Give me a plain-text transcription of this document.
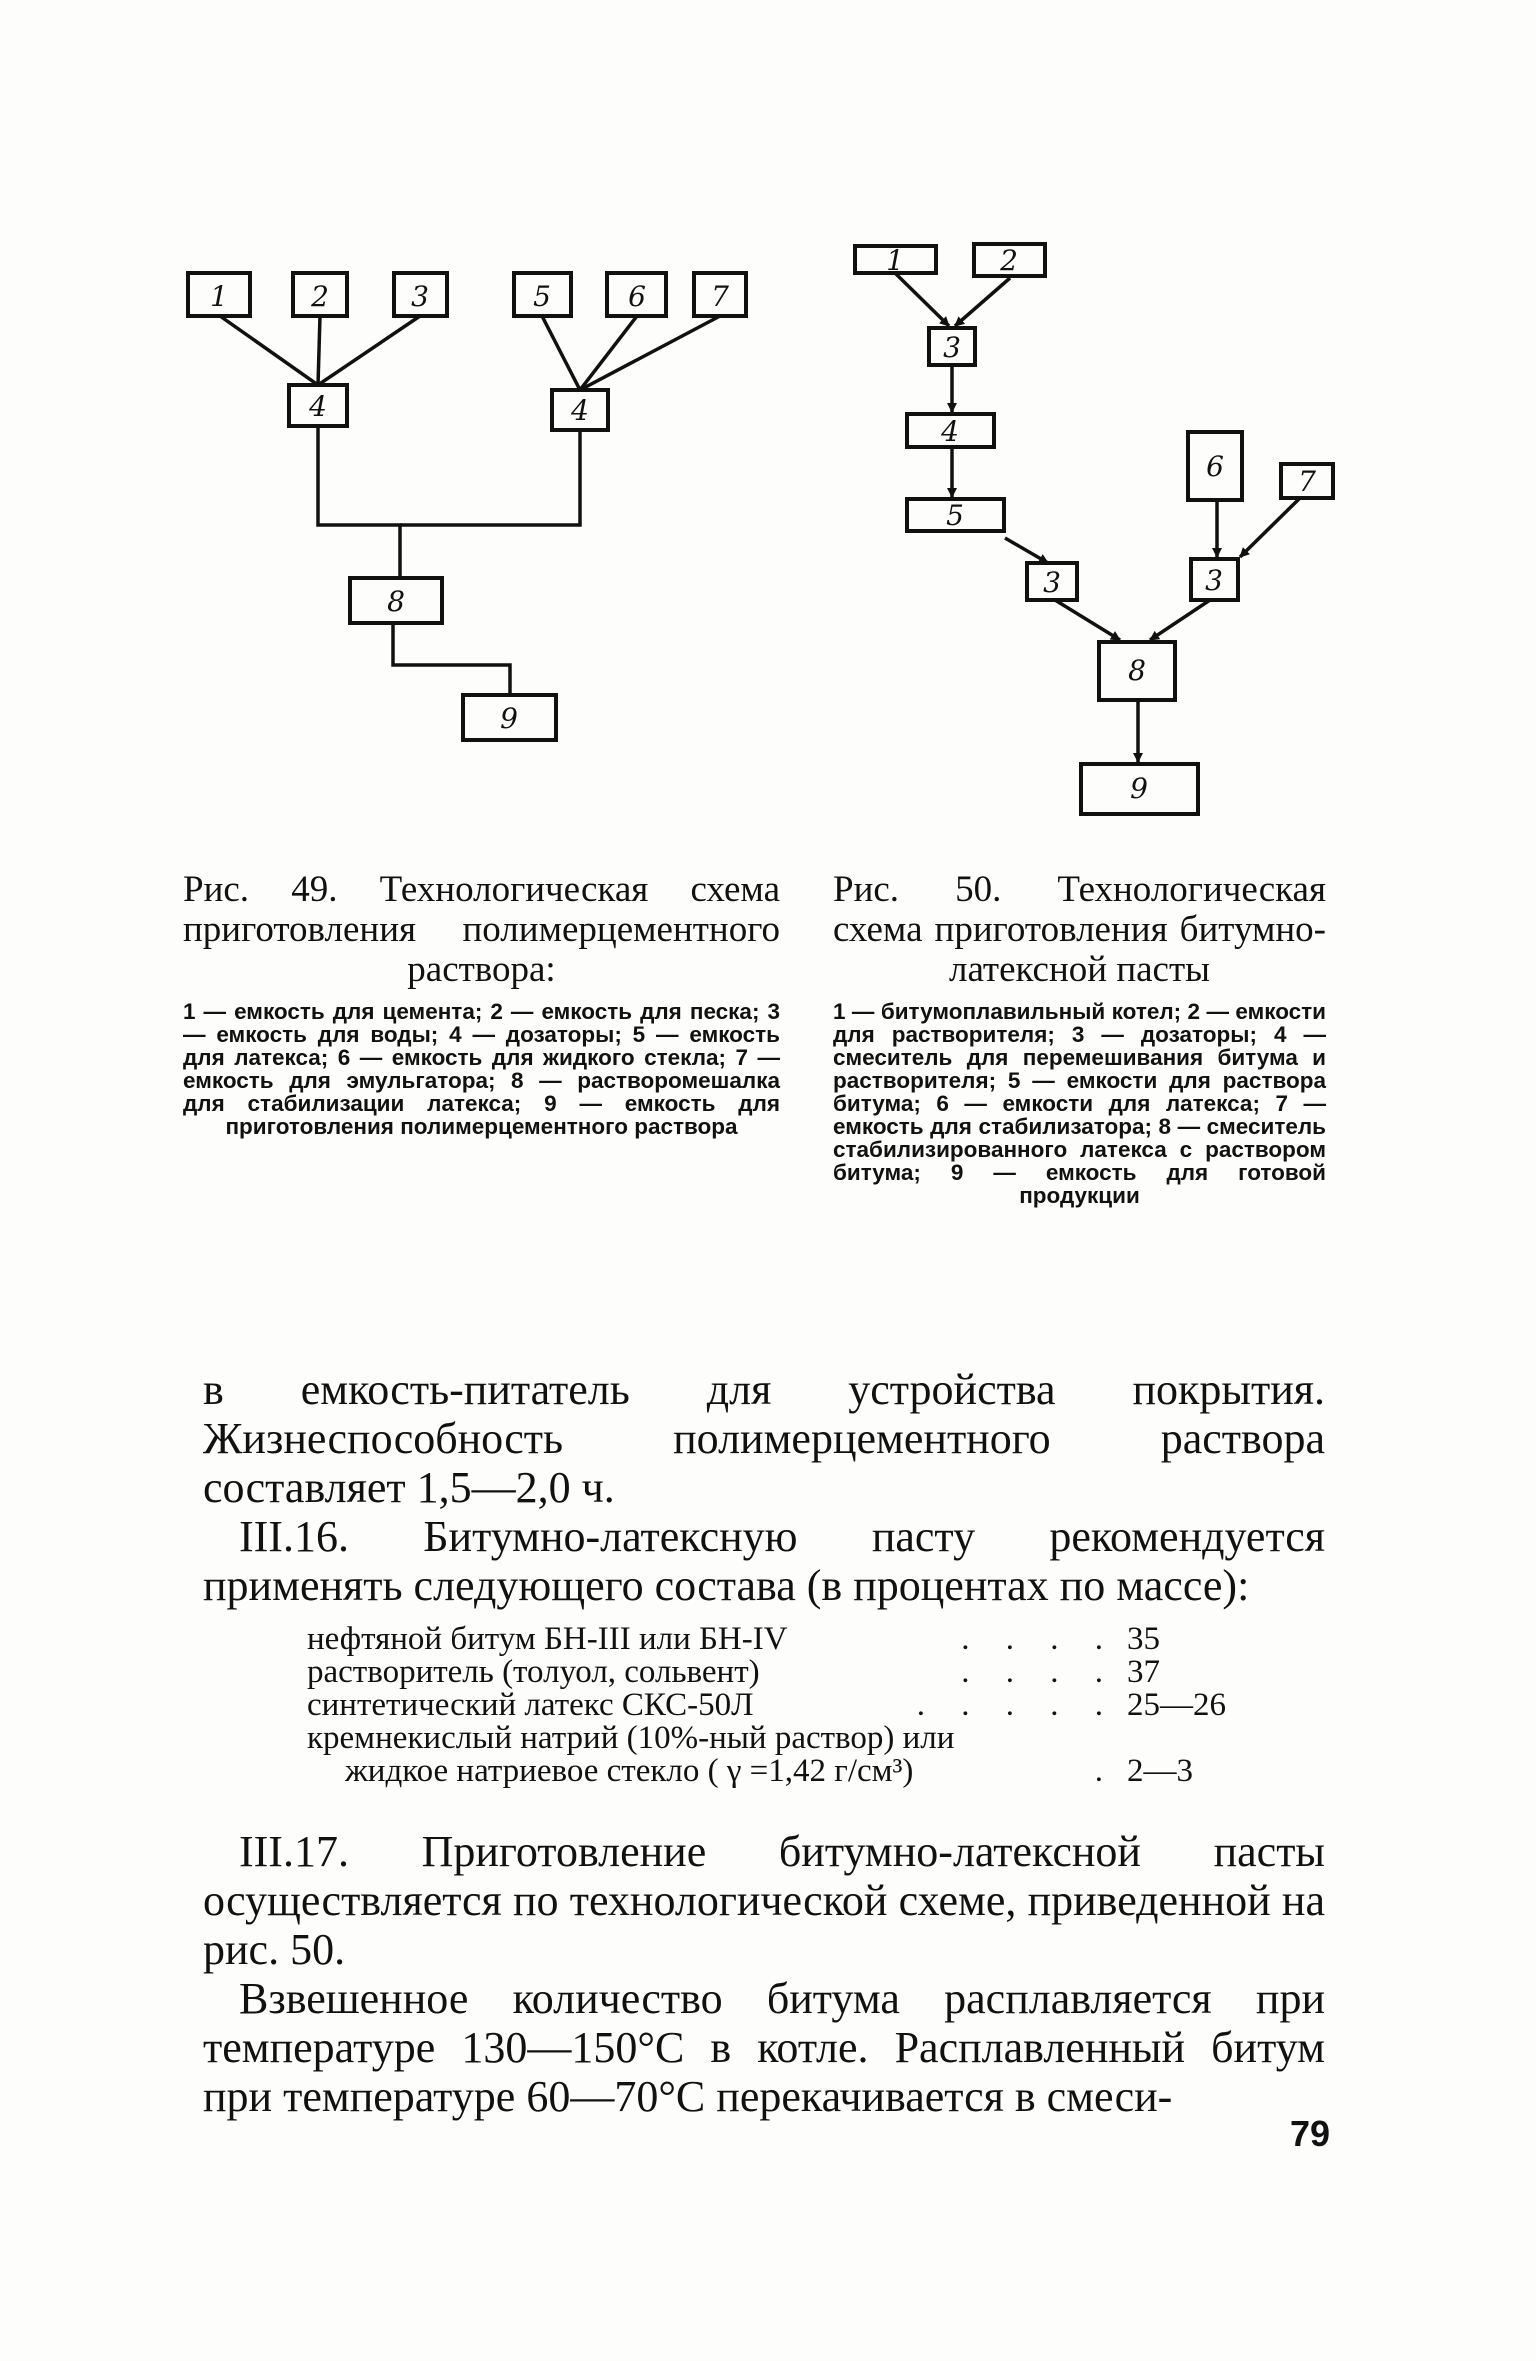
1	2	3	5	6 7
4	4
8
9
1	2
3
4
5
6	7
3	3
8
9
Рис. 49. Технологическая схема приготовления полимерцементного раствора:
1 — емкость для цемента; 2 — емкость для песка; 3 — емкость для воды; 4 — дозаторы; 5 — емкость для латекса; 6 — емкость для жидкого стекла; 7 — емкость для эмульгатора; 8 — растворомешалка для стабилизации латекса; 9 — емкость для приготовления полимерцементного раствора
Рис. 50. Технологическая схема приготовления битумно-латексной пасты
1 — битумоплавильный котел; 2 — емкости для растворителя; 3 — дозаторы; 4 — смеситель для перемешивания битума и растворителя; 5 — емкости для раствора битума; 6 — емкости для латекса; 7 — емкость для стабилизатора; 8 — смеситель стабилизированного латекса с раствором битума; 9 — емкость для готовой продукции

в емкость-питатель для устройства покрытия. Жизнеспособность полимерцементного раствора составляет 1,5—2,0 ч.

III.16. Битумно-латексную пасту рекомендуется применять следующего состава (в процентах по массе):

нефтяной битум БН-III или БН-IV	. . . . 35
растворитель (толуол, сольвент)	. . . . 37
синтетический латекс СКС-50Л	. . . . . 25—26
кремнекислый натрий (10%-ный раствор) или
жидкое натриевое стекло ( γ =1,42 г/см³)	. 2—3

III.17. Приготовление битумно-латексной пасты осуществляется по технологической схеме, приведенной на рис. 50.

Взвешенное количество битума расплавляется при температуре 130—150°С в котле. Расплавленный битум при температуре 60—70°С перекачивается в смеси-

79
